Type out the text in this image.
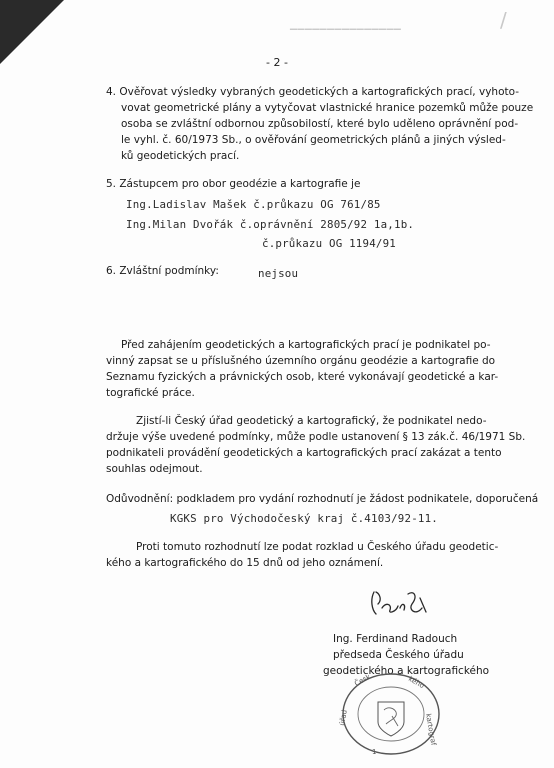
▔▔▔▔▔▔▔▔▔▔▔▔▔▔▔
/
- 2 -
4. Ověřovat výsledky vybraných geodetických a kartografických prací, vyhoto-
vovat geometrické plány a vytyčovat vlastnické hranice pozemků může pouze
osoba se zvláštní odbornou způsobilostí, které bylo uděleno oprávnění pod-
le vyhl. č. 60/1973 Sb., o ověřování geometrických plánů a jiných výsled-
ků geodetických prací.
5. Zástupcem pro obor geodézie a kartografie je
Ing.Ladislav Mašek č.průkazu OG 761/85
Ing.Milan Dvořák č.oprávnění 2805/92 1a,1b.
č.průkazu OG 1194/91
6. Zvláštní podmínky:	nejsou
Před zahájením geodetických a kartografických prací je podnikatel po-
vinný zapsat se u příslušného územního orgánu geodézie a kartografie do
Seznamu fyzických a právnických osob, které vykonávají geodetické a kar-
tografické práce.
Zjistí-li Český úřad geodetický a kartografický, že podnikatel nedo-
držuje výše uvedené podmínky, může podle ustanovení § 13 zák.č. 46/1971 Sb.
podnikateli provádění geodetických a kartografických prací zakázat a tento
souhlas odejmout.
Odůvodnění: podkladem pro vydání rozhodnutí je žádost podnikatele, doporučená
KGKS pro Východočeský kraj č.4103/92-11.
Proti tomuto rozhodnutí lze podat rozklad u Českého úřadu geodetic-
kého a kartografického do 15 dnů od jeho oznámení.
Ing. Ferdinand Radouch
předseda Českého úřadu
geodetického a kartografického
Česk	kého
kartograf
úřad
1
